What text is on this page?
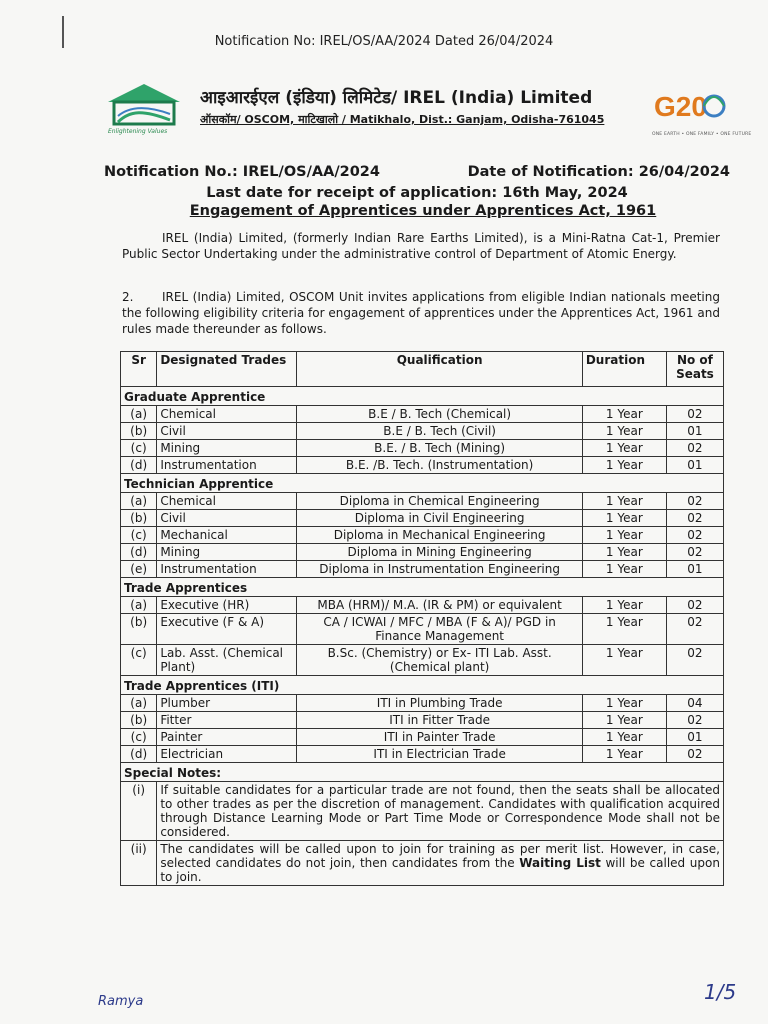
Notification No: IREL/OS/AA/2024 Dated 26/04/2024
Enlightening Values
आइआरईएल (इंडिया) लिमिटेड/ IREL (India) Limited
ऑसकॉम/ OSCOM, माटिखालो / Matikhalo, Dist.: Ganjam, Odisha-761045 G20
ONE EARTH • ONE FAMILY • ONE FUTURE
Notification No.: IREL/OS/AA/2024	Date of Notification: 26/04/2024
Last date for receipt of application: 16th May, 2024
Engagement of Apprentices under Apprentices Act, 1961
IREL (India) Limited, (formerly Indian Rare Earths Limited), is a Mini-Ratna Cat-1, Premier Public Sector Undertaking under the administrative control of Department of Atomic Energy.
2. IREL (India) Limited, OSCOM Unit invites applications from eligible Indian nationals meeting the following eligibility criteria for engagement of apprentices under the Apprentices Act, 1961 and rules made thereunder as follows.
Sr	Designated Trades	Qualification	Duration	No of Seats
Graduate Apprentice				
(a)	Chemical	B.E / B. Tech (Chemical)	1 Year	02
(b)	Civil	B.E / B. Tech (Civil)	1 Year	01
(c)	Mining	B.E. / B. Tech (Mining)	1 Year	02
(d)	Instrumentation	B.E. /B. Tech. (Instrumentation)	1 Year	01
Technician Apprentice				
(a)	Chemical	Diploma in Chemical Engineering	1 Year	02
(b)	Civil	Diploma in Civil Engineering	1 Year	02
(c)	Mechanical	Diploma in Mechanical Engineering	1 Year	02
(d)	Mining	Diploma in Mining Engineering	1 Year	02
(e)	Instrumentation	Diploma in Instrumentation Engineering	1 Year	01
Trade Apprentices				
(a)	Executive (HR)	MBA (HRM)/ M.A. (IR & PM) or equivalent	1 Year	02
(b)	Executive (F & A)	CA / ICWAI / MFC / MBA (F & A)/ PGD in Finance Management	1 Year	02
(c)	Lab. Asst. (Chemical Plant)	B.Sc. (Chemistry) or Ex- ITI Lab. Asst. (Chemical plant)	1 Year	02
Trade Apprentices (ITI)				
(a)	Plumber	ITI in Plumbing Trade	1 Year	04
(b)	Fitter	ITI in Fitter Trade	1 Year	02
(c)	Painter	ITI in Painter Trade	1 Year	01
(d)	Electrician	ITI in Electrician Trade	1 Year	02
Special Notes:				
(i)	If suitable candidates for a particular trade are not found, then the seats shall be allocated to other trades as per the discretion of management. Candidates with qualification acquired through Distance Learning Mode or Part Time Mode or Correspondence Mode shall not be considered.			
(ii)	The candidates will be called upon to join for training as per merit list. However, in case, selected candidates do not join, then candidates from the Waiting List will be called upon to join.			
Ramya	1/5
